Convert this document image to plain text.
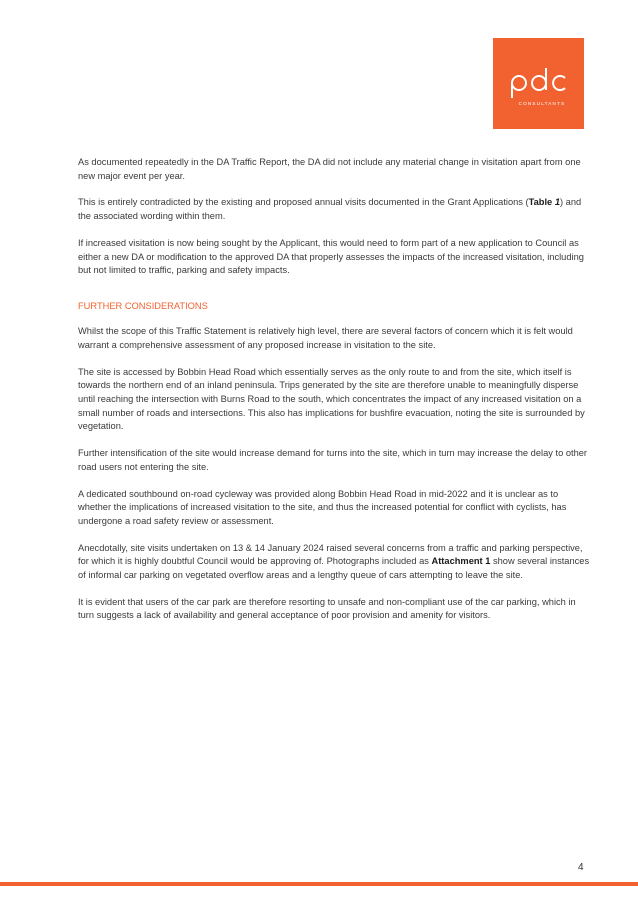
CONSULTANTS

As documented repeatedly in the DA Traffic Report, the DA did not include any material change in visitation apart from one new major event per year.

This is entirely contradicted by the existing and proposed annual visits documented in the Grant Applications (Table 1) and the associated wording within them.

If increased visitation is now being sought by the Applicant, this would need to form part of a new application to Council as either a new DA or modification to the approved DA that properly assesses the impacts of the increased visitation, including but not limited to traffic, parking and safety impacts.

FURTHER CONSIDERATIONS

Whilst the scope of this Traffic Statement is relatively high level, there are several factors of concern which it is felt would warrant a comprehensive assessment of any proposed increase in visitation to the site.

The site is accessed by Bobbin Head Road which essentially serves as the only route to and from the site, which itself is towards the northern end of an inland peninsula. Trips generated by the site are therefore unable to meaningfully disperse until reaching the intersection with Burns Road to the south, which concentrates the impact of any increased visitation on a small number of roads and intersections. This also has implications for bushfire evacuation, noting the site is surrounded by vegetation.

Further intensification of the site would increase demand for turns into the site, which in turn may increase the delay to other road users not entering the site.

A dedicated southbound on-road cycleway was provided along Bobbin Head Road in mid-2022 and it is unclear as to whether the implications of increased visitation to the site, and thus the increased potential for conflict with cyclists, has undergone a road safety review or assessment.

Anecdotally, site visits undertaken on 13 & 14 January 2024 raised several concerns from a traffic and parking perspective, for which it is highly doubtful Council would be approving of. Photographs included as Attachment 1 show several instances of informal car parking on vegetated overflow areas and a lengthy queue of cars attempting to leave the site.

It is evident that users of the car park are therefore resorting to unsafe and non-compliant use of the car parking, which in turn suggests a lack of availability and general acceptance of poor provision and amenity for visitors.

4
